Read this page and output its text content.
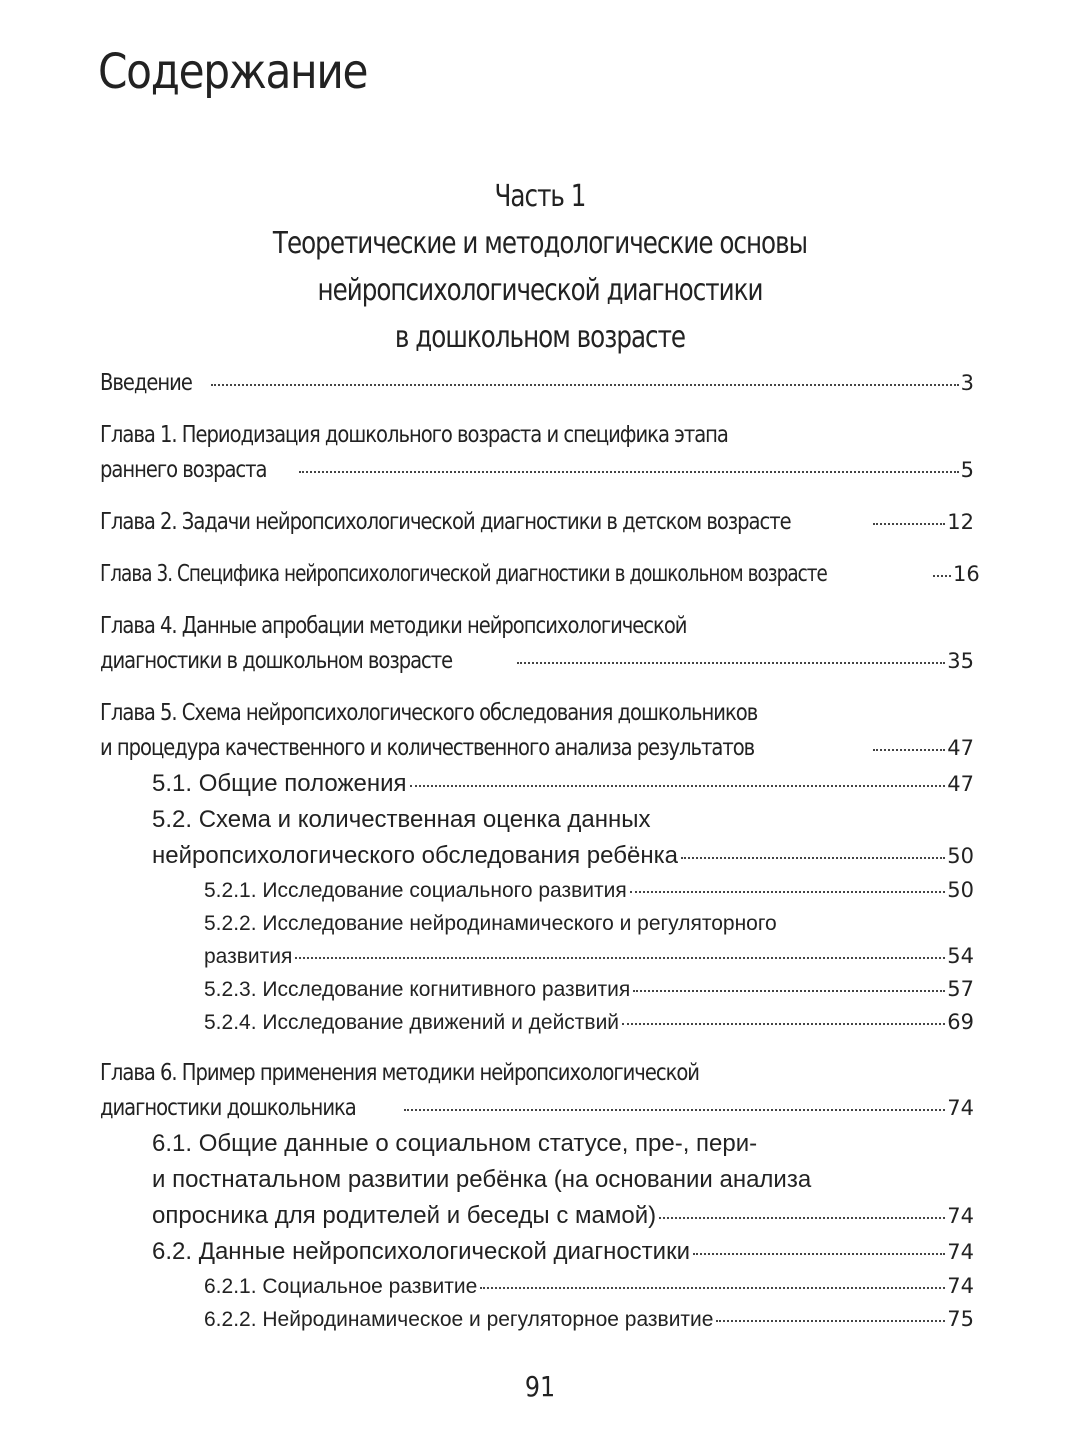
Содержание
Часть 1
Теоретические и методологические основы
нейропсихологической диагностики
в дошкольном возрасте
Введение	3
Глава 1. Периодизация дошкольного возраста и специфика этапа
раннего возраста	5
Глава 2. Задачи нейропсихологической диагностики в детском возрасте	12
Глава 3. Специфика нейропсихологической диагностики в дошкольном возрасте	16
Глава 4. Данные апробации методики нейропсихологической
диагностики в дошкольном возрасте	35
Глава 5. Схема нейропсихологического обследования дошкольников
и процедура качественного и количественного анализа результатов	47
5.1. Общие положения	47
5.2. Схема и количественная оценка данных
нейропсихологического обследования ребёнка	50
5.2.1. Исследование социального развития	50
5.2.2. Исследование нейродинамического и регуляторного
развития	54
5.2.3. Исследование когнитивного развития	57
5.2.4. Исследование движений и действий	69
Глава 6. Пример применения методики нейропсихологической
диагностики дошкольника	74
6.1. Общие данные о социальном статусе, пре-, пери-
и постнатальном развитии ребёнка (на основании анализа
опросника для родителей и беседы с мамой)	74
6.2. Данные нейропсихологической диагностики	74
6.2.1. Социальное развитие	74
6.2.2. Нейродинамическое и регуляторное развитие	75
91
